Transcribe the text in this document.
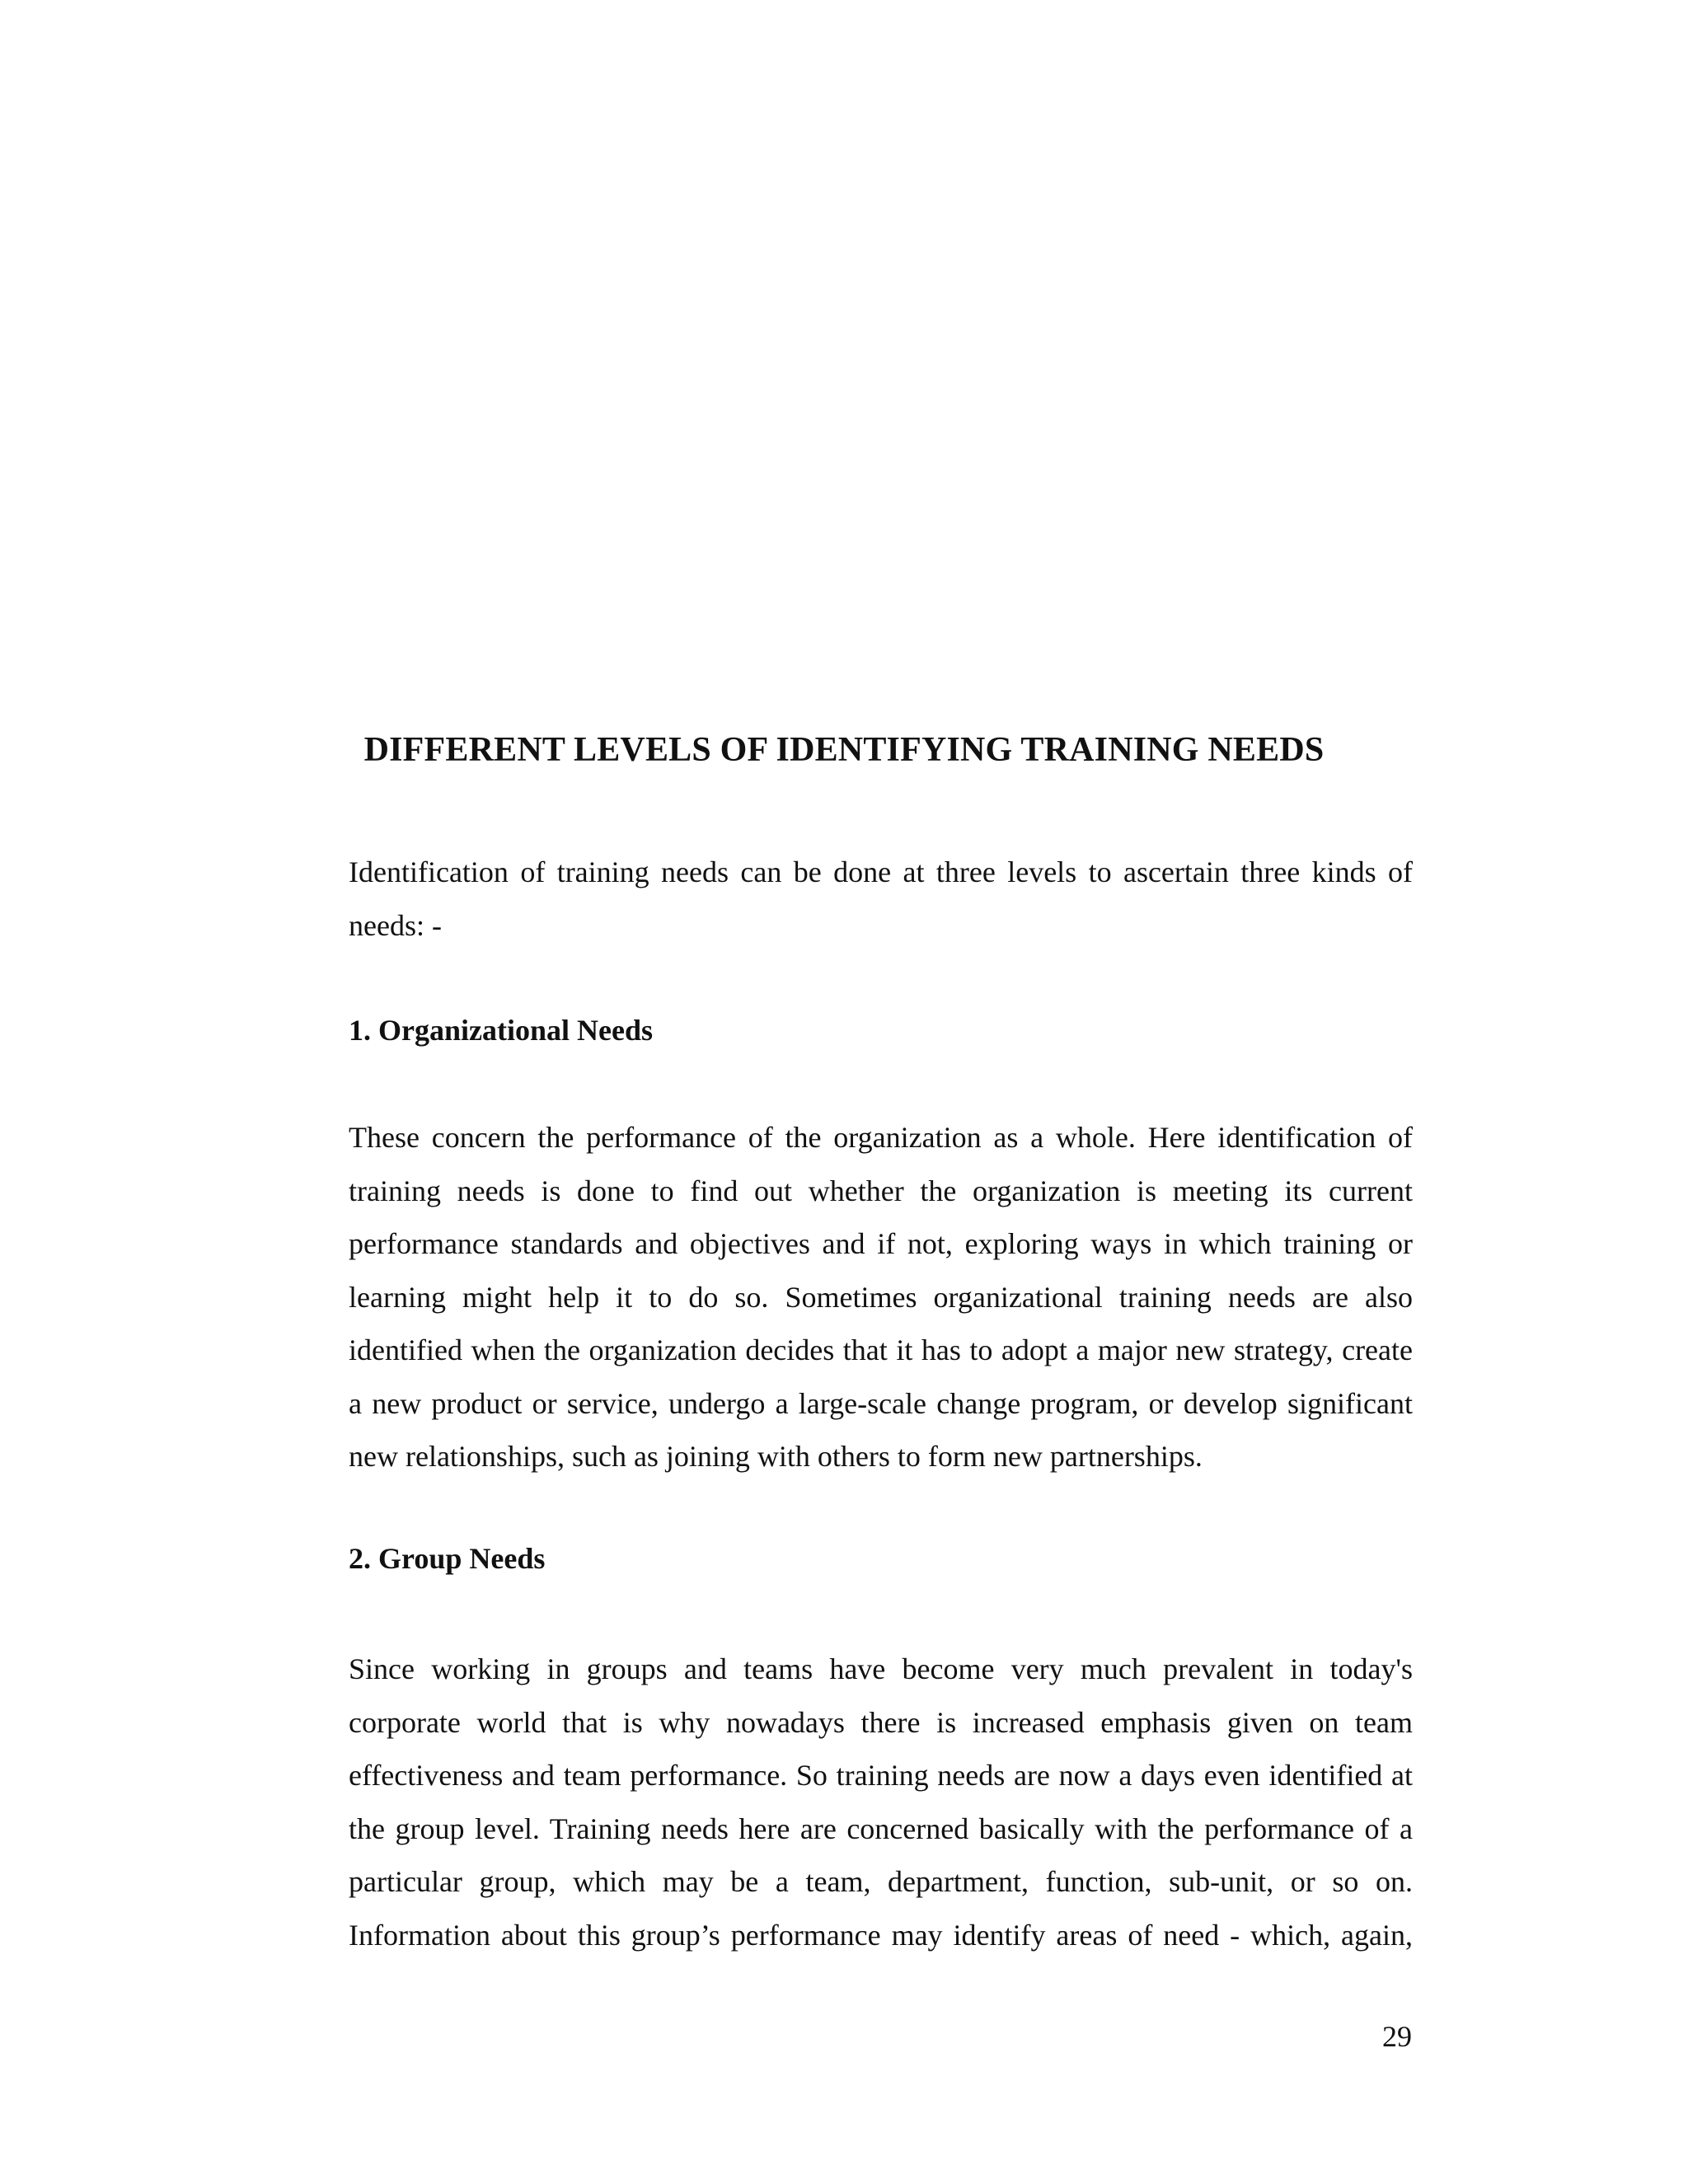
DIFFERENT LEVELS OF IDENTIFYING TRAINING NEEDS

Identification of training needs can be done at three levels to ascertain three kinds of needs: -

1. Organizational Needs

These concern the performance of the organization as a whole. Here identification of training needs is done to find out whether the organization is meeting its current performance standards and objectives and if not, exploring ways in which training or learning might help it to do so. Sometimes organizational training needs are also identified when the organization decides that it has to adopt a major new strategy, create a new product or service, undergo a large-scale change program, or develop significant new relationships, such as joining with others to form new partnerships.

2. Group Needs

Since working in groups and teams have become very much prevalent in today's corporate world that is why nowadays there is increased emphasis given on team effectiveness and team performance. So training needs are now a days even identified at the group level. Training needs here are concerned basically with the performance of a particular group, which may be a team, department, function, sub-unit, or so on. Information about this group’s performance may identify areas of need - which, again,

29
